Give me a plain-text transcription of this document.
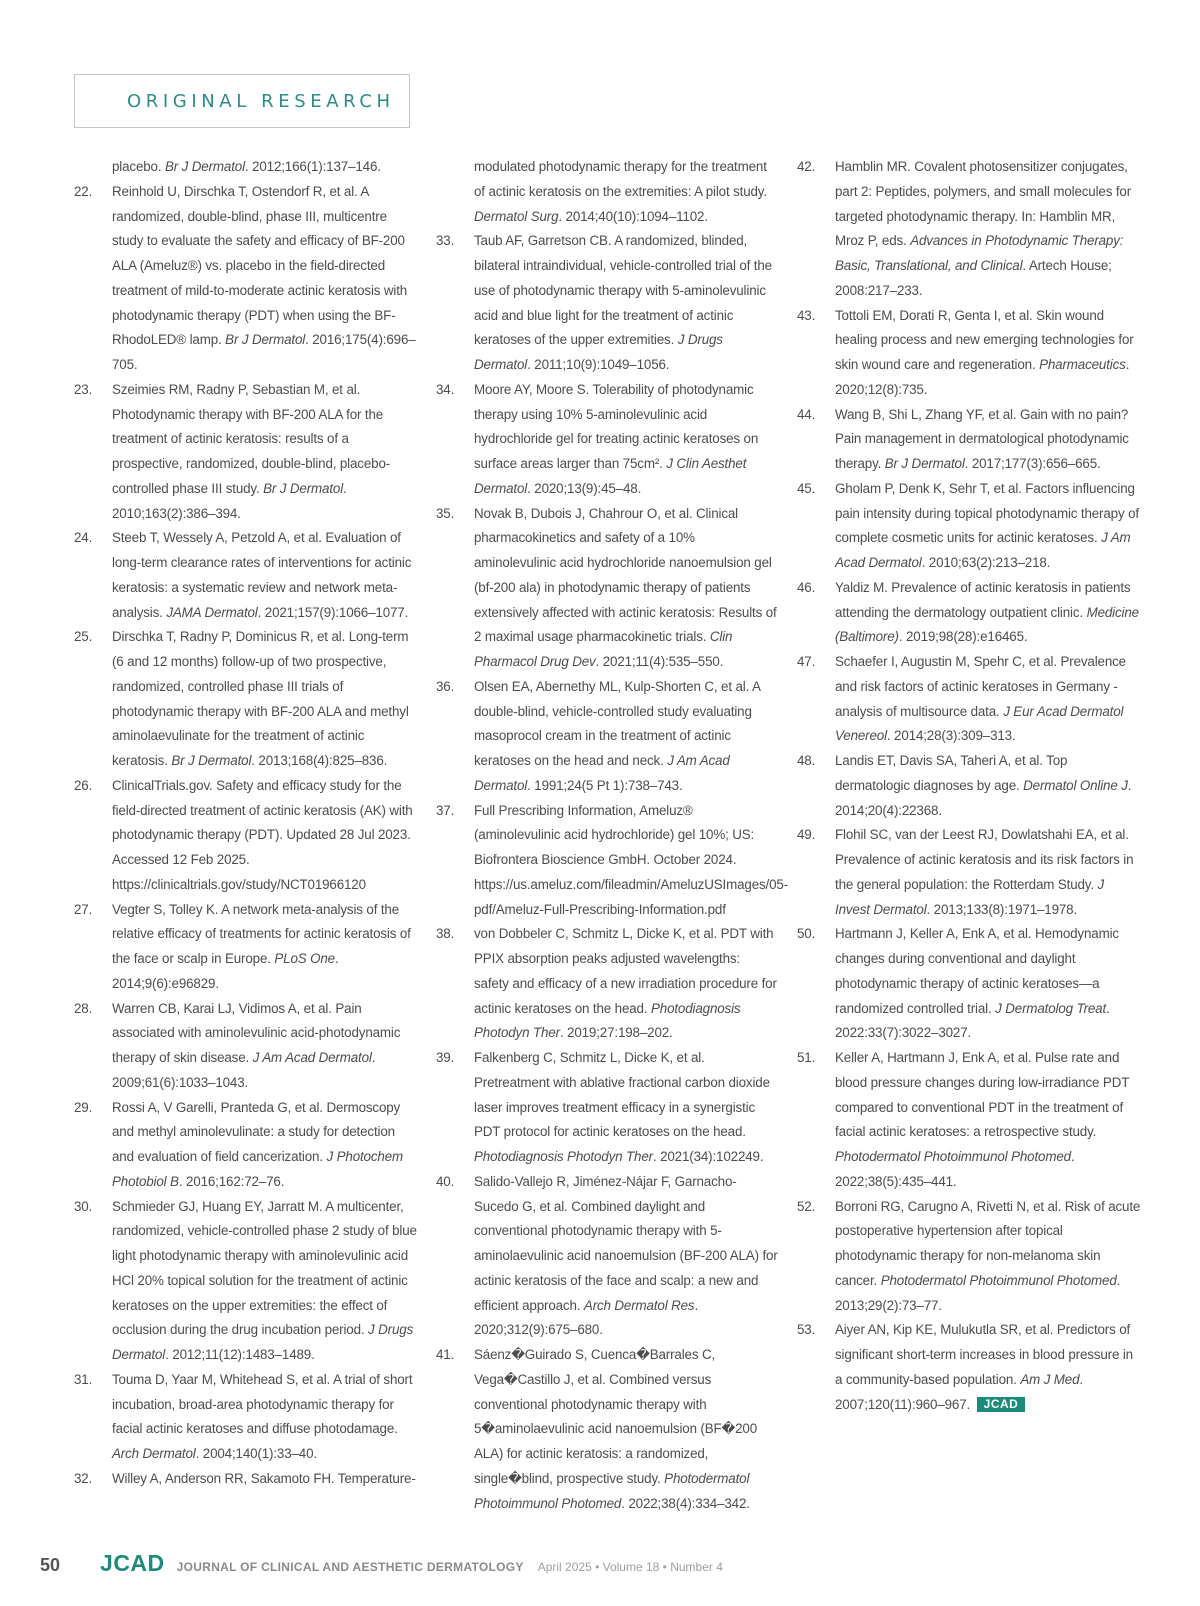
ORIGINAL RESEARCH
placebo. Br J Dermatol. 2012;166(1):137–146.
22. Reinhold U, Dirschka T, Ostendorf R, et al. A randomized, double-blind, phase III, multicentre study to evaluate the safety and efficacy of BF-200 ALA (Ameluz®) vs. placebo in the field-directed treatment of mild-to-moderate actinic keratosis with photodynamic therapy (PDT) when using the BF-RhodoLED® lamp. Br J Dermatol. 2016;175(4):696–705.
23. Szeimies RM, Radny P, Sebastian M, et al. Photodynamic therapy with BF-200 ALA for the treatment of actinic keratosis: results of a prospective, randomized, double-blind, placebo-controlled phase III study. Br J Dermatol. 2010;163(2):386–394.
24. Steeb T, Wessely A, Petzold A, et al. Evaluation of long-term clearance rates of interventions for actinic keratosis: a systematic review and network meta-analysis. JAMA Dermatol. 2021;157(9):1066–1077.
25. Dirschka T, Radny P, Dominicus R, et al. Long-term (6 and 12 months) follow-up of two prospective, randomized, controlled phase III trials of photodynamic therapy with BF-200 ALA and methyl aminolaevulinate for the treatment of actinic keratosis. Br J Dermatol. 2013;168(4):825–836.
26. ClinicalTrials.gov. Safety and efficacy study for the field-directed treatment of actinic keratosis (AK) with photodynamic therapy (PDT). Updated 28 Jul 2023. Accessed 12 Feb 2025. https://clinicaltrials.gov/study/NCT01966120
27. Vegter S, Tolley K. A network meta-analysis of the relative efficacy of treatments for actinic keratosis of the face or scalp in Europe. PLoS One. 2014;9(6):e96829.
28. Warren CB, Karai LJ, Vidimos A, et al. Pain associated with aminolevulinic acid-photodynamic therapy of skin disease. J Am Acad Dermatol. 2009;61(6):1033–1043.
29. Rossi A, V Garelli, Pranteda G, et al. Dermoscopy and methyl aminolevulinate: a study for detection and evaluation of field cancerization. J Photochem Photobiol B. 2016;162:72–76.
30. Schmieder GJ, Huang EY, Jarratt M. A multicenter, randomized, vehicle-controlled phase 2 study of blue light photodynamic therapy with aminolevulinic acid HCl 20% topical solution for the treatment of actinic keratoses on the upper extremities: the effect of occlusion during the drug incubation period. J Drugs Dermatol. 2012;11(12):1483–1489.
31. Touma D, Yaar M, Whitehead S, et al. A trial of short incubation, broad-area photodynamic therapy for facial actinic keratoses and diffuse photodamage. Arch Dermatol. 2004;140(1):33–40.
32. Willey A, Anderson RR, Sakamoto FH. Temperature-
modulated photodynamic therapy for the treatment of actinic keratosis on the extremities: A pilot study. Dermatol Surg. 2014;40(10):1094–1102.
33. Taub AF, Garretson CB. A randomized, blinded, bilateral intraindividual, vehicle-controlled trial of the use of photodynamic therapy with 5-aminolevulinic acid and blue light for the treatment of actinic keratoses of the upper extremities. J Drugs Dermatol. 2011;10(9):1049–1056.
34. Moore AY, Moore S. Tolerability of photodynamic therapy using 10% 5-aminolevulinic acid hydrochloride gel for treating actinic keratoses on surface areas larger than 75cm². J Clin Aesthet Dermatol. 2020;13(9):45–48.
35. Novak B, Dubois J, Chahrour O, et al. Clinical pharmacokinetics and safety of a 10% aminolevulinic acid hydrochloride nanoemulsion gel (bf-200 ala) in photodynamic therapy of patients extensively affected with actinic keratosis: Results of 2 maximal usage pharmacokinetic trials. Clin Pharmacol Drug Dev. 2021;11(4):535–550.
36. Olsen EA, Abernethy ML, Kulp-Shorten C, et al. A double-blind, vehicle-controlled study evaluating masoprocol cream in the treatment of actinic keratoses on the head and neck. J Am Acad Dermatol. 1991;24(5 Pt 1):738–743.
37. Full Prescribing Information, Ameluz® (aminolevulinic acid hydrochloride) gel 10%; US: Biofrontera Bioscience GmbH. October 2024. https://us.ameluz.com/fileadmin/AmeluzUSImages/05-pdf/Ameluz-Full-Prescribing-Information.pdf
38. von Dobbeler C, Schmitz L, Dicke K, et al. PDT with PPIX absorption peaks adjusted wavelengths: safety and efficacy of a new irradiation procedure for actinic keratoses on the head. Photodiagnosis Photodyn Ther. 2019;27:198–202.
39. Falkenberg C, Schmitz L, Dicke K, et al. Pretreatment with ablative fractional carbon dioxide laser improves treatment efficacy in a synergistic PDT protocol for actinic keratoses on the head. Photodiagnosis Photodyn Ther. 2021(34):102249.
40. Salido-Vallejo R, Jiménez-Nájar F, Garnacho-Sucedo G, et al. Combined daylight and conventional photodynamic therapy with 5-aminolaevulinic acid nanoemulsion (BF-200 ALA) for actinic keratosis of the face and scalp: a new and efficient approach. Arch Dermatol Res. 2020;312(9):675–680.
41. Sáenz�Guirado S, Cuenca�Barrales C, Vega�Castillo J, et al. Combined versus conventional photodynamic therapy with 5�aminolaevulinic acid nanoemulsion (BF�200 ALA) for actinic keratosis: a randomized, single�blind, prospective study. Photodermatol Photoimmunol Photomed. 2022;38(4):334–342.
42. Hamblin MR. Covalent photosensitizer conjugates, part 2: Peptides, polymers, and small molecules for targeted photodynamic therapy. In: Hamblin MR, Mroz P, eds. Advances in Photodynamic Therapy: Basic, Translational, and Clinical. Artech House; 2008:217–233.
43. Tottoli EM, Dorati R, Genta I, et al. Skin wound healing process and new emerging technologies for skin wound care and regeneration. Pharmaceutics. 2020;12(8):735.
44. Wang B, Shi L, Zhang YF, et al. Gain with no pain? Pain management in dermatological photodynamic therapy. Br J Dermatol. 2017;177(3):656–665.
45. Gholam P, Denk K, Sehr T, et al. Factors influencing pain intensity during topical photodynamic therapy of complete cosmetic units for actinic keratoses. J Am Acad Dermatol. 2010;63(2):213–218.
46. Yaldiz M. Prevalence of actinic keratosis in patients attending the dermatology outpatient clinic. Medicine (Baltimore). 2019;98(28):e16465.
47. Schaefer I, Augustin M, Spehr C, et al. Prevalence and risk factors of actinic keratoses in Germany - analysis of multisource data. J Eur Acad Dermatol Venereol. 2014;28(3):309–313.
48. Landis ET, Davis SA, Taheri A, et al. Top dermatologic diagnoses by age. Dermatol Online J. 2014;20(4):22368.
49. Flohil SC, van der Leest RJ, Dowlatshahi EA, et al. Prevalence of actinic keratosis and its risk factors in the general population: the Rotterdam Study. J Invest Dermatol. 2013;133(8):1971–1978.
50. Hartmann J, Keller A, Enk A, et al. Hemodynamic changes during conventional and daylight photodynamic therapy of actinic keratoses—a randomized controlled trial. J Dermatolog Treat. 2022:33(7):3022–3027.
51. Keller A, Hartmann J, Enk A, et al. Pulse rate and blood pressure changes during low-irradiance PDT compared to conventional PDT in the treatment of facial actinic keratoses: a retrospective study. Photodermatol Photoimmunol Photomed. 2022;38(5):435–441.
52. Borroni RG, Carugno A, Rivetti N, et al. Risk of acute postoperative hypertension after topical photodynamic therapy for non-melanoma skin cancer. Photodermatol Photoimmunol Photomed. 2013;29(2):73–77.
53. Aiyer AN, Kip KE, Mulukutla SR, et al. Predictors of significant short-term increases in blood pressure in a community-based population. Am J Med. 2007;120(11):960–967. JCAD
50 JCAD JOURNAL OF CLINICAL AND AESTHETIC DERMATOLOGY April 2025 • Volume 18 • Number 4
